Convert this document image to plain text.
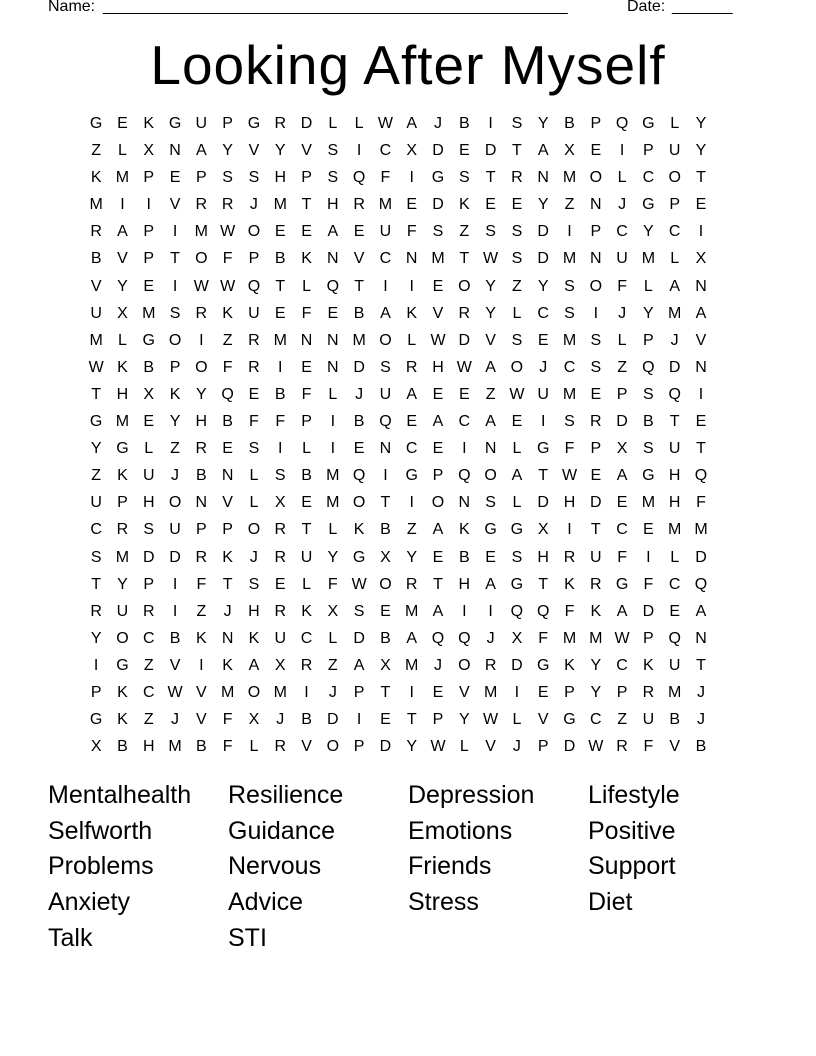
Name: ______________________________________________________	Date: _______
Looking After Myself
G E K G U P G R D	L	L W A	J	B	I	S Y B P Q G L	Y
Z	L	X N A Y V Y V S	I	C X D E D T	A X E	I	P U Y
K M P E P S S H P S Q F	I	G S	T R N M O L	C O T
M	I	I	V R R	J M T H R M E D K E E Y	Z N	J	G P E
R A P	I	M W O E E A E U F	S	Z	S S D	I	P C Y C	I
B V P	T O F	P B K N V C N M T W S D M N U M L	X
V Y E	I	W W Q T	L Q T	I	I	E O Y	Z	Y S O F	L	A N
U X M S R K U E	F	E B A K V R Y	L	C S	I	J	Y M A
M L G O	I	Z R M N N M O L W D V S E M S	L	P	J	V
W K B P O F R	I	E N D S R H W A O	J	C S	Z Q D N
T H X K Y Q E B	F	L	J	U A E E	Z W U M E P S Q	I
G M E Y H B	F	F	P	I	B Q E A C A E	I	S R D B	T	E
Y G L	Z R E S	I	L	I	E N C E	I	N	L G F	P X S U T
Z	K U	J	B N	L	S B M Q	I	G P Q O A	T W E A G H Q
U P H O N V	L	X E M O T	I	O N S	L	D H D E M H F
C R S U P P O R T	L	K B	Z	A K G G X	I	T C E M M
S M D D R K	J	R U Y G X Y E B E S H R U F	I	L	D
T	Y P	I	F	T	S E	L	F W O R T H A G T	K R G F C Q
R U R	I	Z	J	H R K X S E M A	I	I	Q Q F	K A D E A
Y O C B K N K U C	L	D B A Q Q	J	X	F M M W P Q N
I	G Z	V	I	K A X R Z	A X M J	O R D G K Y C K U T
P K C W V M O M	I	J	P	T	I	E V M	I	E P Y P R M J
G K	Z	J	V	F	X	J	B D	I	E	T	P Y W L	V G C Z U B	J
X B H M B	F	L	R V O P D Y W L	V	J	P D W R F	V B
Mentalhealth	Resilience	Depression	Lifestyle
Selfworth	Guidance	Emotions	Positive
Problems	Nervous	Friends	Support
Anxiety	Advice	Stress	Diet
Talk	STI
